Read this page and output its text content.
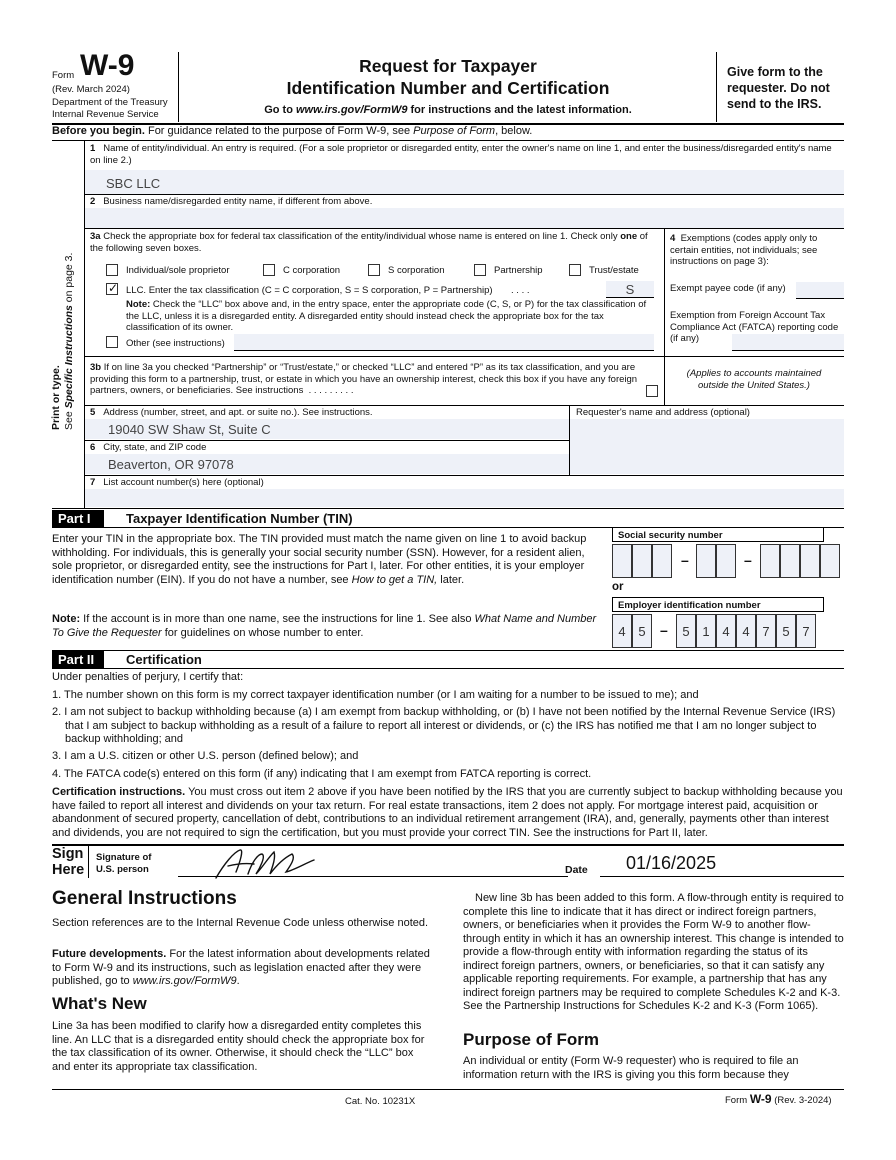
Form W-9
(Rev. March 2024)
Department of the Treasury
Internal Revenue Service
Request for Taxpayer
Identification Number and Certification
Go to www.irs.gov/FormW9 for instructions and the latest information.
Give form to the requester. Do not send to the IRS.
Before you begin. For guidance related to the purpose of Form W-9, see Purpose of Form, below.
Print or type. See Specific Instructions on page 3.
1 Name of entity/individual. An entry is required. (For a sole proprietor or disregarded entity, enter the owner's name on line 1, and enter the business/disregarded entity's name on line 2.)
SBC LLC
2 Business name/disregarded entity name, if different from above.
3a Check the appropriate box for federal tax classification of the entity/individual whose name is entered on line 1. Check only one of the following seven boxes.
Individual/sole proprietor	C corporation	S corporation	Partnership	Trust/estate
✓
LLC. Enter the tax classification (C = C corporation, S = S corporation, P = Partnership) . . . .	S
Note: Check the “LLC” box above and, in the entry space, enter the appropriate code (C, S, or P) for the tax classification of the LLC, unless it is a disregarded entity. A disregarded entity should instead check the appropriate box for the tax classification of its owner.
Other (see instructions)
4 Exemptions (codes apply only to certain entities, not individuals; see instructions on page 3):
Exempt payee code (if any)
Exemption from Foreign Account Tax Compliance Act (FATCA) reporting code (if any)
3b If on line 3a you checked “Partnership” or “Trust/estate,” or checked “LLC” and entered “P” as its tax classification, and you are providing this form to a partnership, trust, or estate in which you have an ownership interest, check this box if you have any foreign partners, owners, or beneficiaries. See instructions . . . . . . . . .
(Applies to accounts maintained outside the United States.)
5 Address (number, street, and apt. or suite no.). See instructions.
19040 SW Shaw St, Suite C
6 City, state, and ZIP code
Beaverton, OR 97078
Requester's name and address (optional)
7 List account number(s) here (optional)
Part I	Taxpayer Identification Number (TIN)
Enter your TIN in the appropriate box. The TIN provided must match the name given on line 1 to avoid backup withholding. For individuals, this is generally your social security number (SSN). However, for a resident alien, sole proprietor, or disregarded entity, see the instructions for Part I, later. For other entities, it is your employer identification number (EIN). If you do not have a number, see How to get a TIN, later.
Note: If the account is in more than one name, see the instructions for line 1. See also What Name and Number To Give the Requester for guidelines on whose number to enter.
Social security number
–	–
or
Employer identification number
4 5	–	5 1 4 4 7 5 7
Part II	Certification
Under penalties of perjury, I certify that:
1. The number shown on this form is my correct taxpayer identification number (or I am waiting for a number to be issued to me); and
2. I am not subject to backup withholding because (a) I am exempt from backup withholding, or (b) I have not been notified by the Internal Revenue Service (IRS) that I am subject to backup withholding as a result of a failure to report all interest or dividends, or (c) the IRS has notified me that I am no longer subject to backup withholding; and
3. I am a U.S. citizen or other U.S. person (defined below); and
4. The FATCA code(s) entered on this form (if any) indicating that I am exempt from FATCA reporting is correct.
Certification instructions. You must cross out item 2 above if you have been notified by the IRS that you are currently subject to backup withholding because you have failed to report all interest and dividends on your tax return. For real estate transactions, item 2 does not apply. For mortgage interest paid, acquisition or abandonment of secured property, cancellation of debt, contributions to an individual retirement arrangement (IRA), and, generally, payments other than interest and dividends, you are not required to sign the certification, but you must provide your correct TIN. See the instructions for Part II, later.
Sign
Here
Signature of
U.S. person	Date 01/16/2025
General Instructions
Section references are to the Internal Revenue Code unless otherwise noted.
Future developments. For the latest information about developments related to Form W-9 and its instructions, such as legislation enacted after they were published, go to www.irs.gov/FormW9.
What's New
Line 3a has been modified to clarify how a disregarded entity completes this line. An LLC that is a disregarded entity should check the appropriate box for the tax classification of its owner. Otherwise, it should check the “LLC” box and enter its appropriate tax classification.
New line 3b has been added to this form. A flow-through entity is required to complete this line to indicate that it has direct or indirect foreign partners, owners, or beneficiaries when it provides the Form W-9 to another flow-through entity in which it has an ownership interest. This change is intended to provide a flow-through entity with information regarding the status of its indirect foreign partners, owners, or beneficiaries, so that it can satisfy any applicable reporting requirements. For example, a partnership that has any indirect foreign partners may be required to complete Schedules K-2 and K-3. See the Partnership Instructions for Schedules K-2 and K-3 (Form 1065).
Purpose of Form
An individual or entity (Form W-9 requester) who is required to file an information return with the IRS is giving you this form because they
Cat. No. 10231X	Form W-9 (Rev. 3-2024)
